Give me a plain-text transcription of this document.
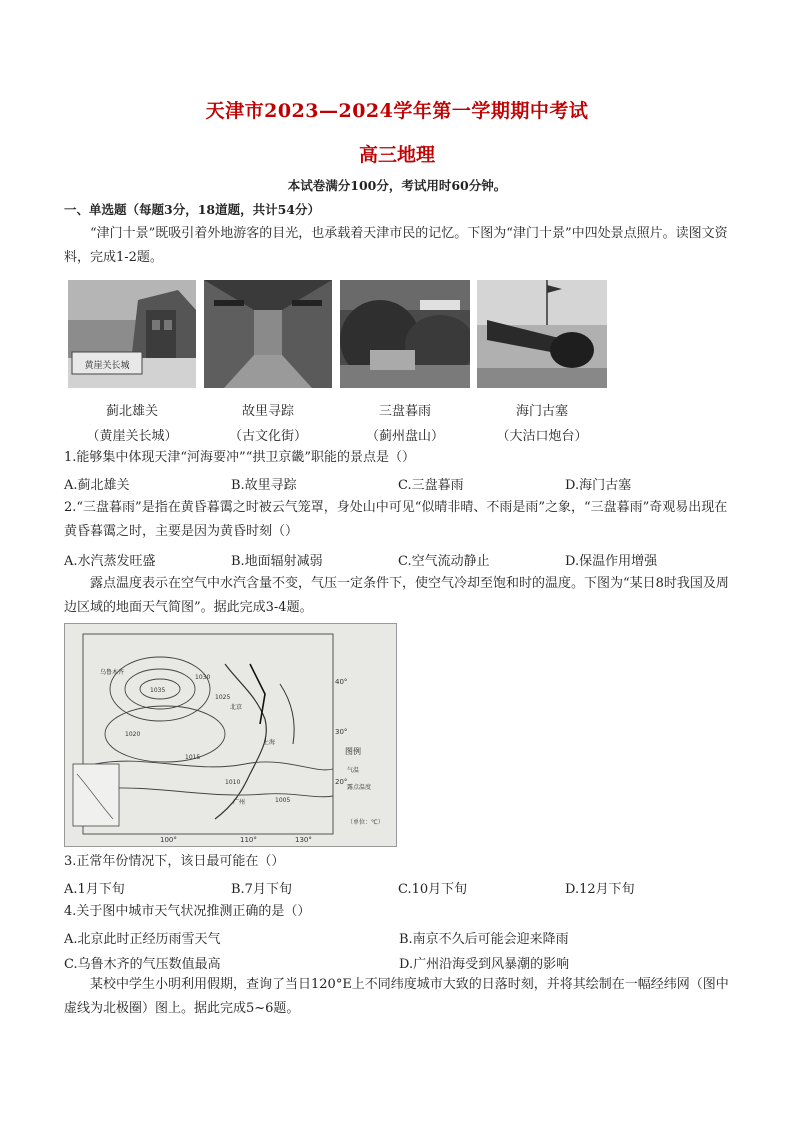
天津市2023—2024学年第一学期期中考试
高三地理
本试卷满分100分，考试用时60分钟。
一、单选题（每题3分，18道题，共计54分）
“津门十景”既吸引着外地游客的目光，也承载着天津市民的记忆。下图为“津门十景”中四处景点照片。读图文资料，完成1-2题。
黄崖关长城
蓟北雄关
（黄崖关长城）
故里寻踪
（古文化街）
三盘暮雨
（蓟州盘山）
海门古塞
（大沽口炮台）
1.能够集中体现天津“河海要冲”“拱卫京畿”职能的景点是（）
A.蓟北雄关	B.故里寻踪	C.三盘暮雨	D.海门古塞
2.“三盘暮雨”是指在黄昏暮霭之时被云气笼罩，身处山中可见“似晴非晴、不雨是雨”之象，“三盘暮雨”奇观易出现在黄昏暮霭之时，主要是因为黄昏时刻（）
A.水汽蒸发旺盛	B.地面辐射减弱	C.空气流动静止	D.保温作用增强
露点温度表示在空气中水汽含量不变，气压一定条件下，使空气冷却至饱和时的温度。下图为“某日8时我国及周边区域的地面天气简图”。据此完成3-4题。
100°	110°	130°
40°
30°
20°
1035
1030
1025
1020
1015
1010
1005
北京
上海
广州
乌鲁木齐
图例
气温
露点温度
（单位：℃）
3.正常年份情况下，该日最可能在（）
A.1月下旬	B.7月下旬	C.10月下旬	D.12月下旬
4.关于图中城市天气状况推测正确的是（）
A.北京此时正经历雨雪天气	B.南京不久后可能会迎来降雨
C.乌鲁木齐的气压数值最高	D.广州沿海受到风暴潮的影响
某校中学生小明利用假期，查询了当日120°E上不同纬度城市大致的日落时刻，并将其绘制在一幅经纬网（图中虚线为北极圈）图上。据此完成5~6题。
